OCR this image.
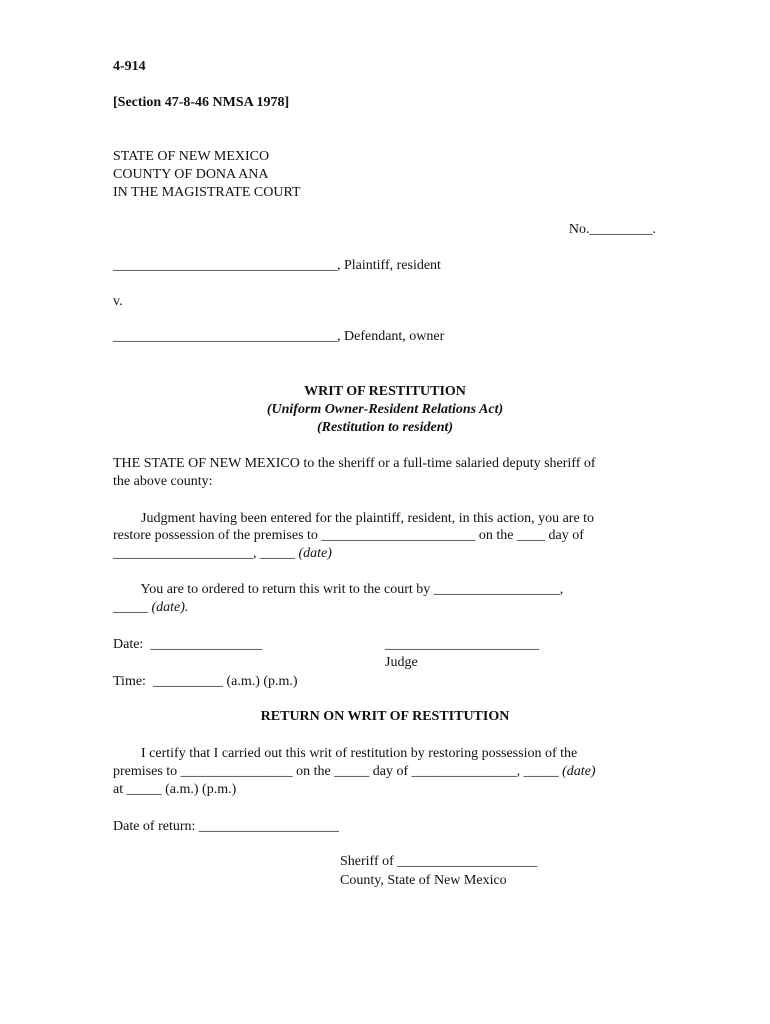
4-914
[Section 47-8-46 NMSA 1978]
STATE OF NEW MEXICO
COUNTY OF DONA ANA
IN THE MAGISTRATE COURT
No._________.
________________________________, Plaintiff, resident
v.
________________________________, Defendant, owner
WRIT OF RESTITUTION
(Uniform Owner-Resident Relations Act)
(Restitution to resident)
THE STATE OF NEW MEXICO to the sheriff or a full-time salaried deputy sheriff of
the above county:
Judgment having been entered for the plaintiff, resident, in this action, you are to
restore possession of the premises to ______________________ on the ____ day of
____________________, _____ (date)
You are to ordered to return this writ to the court by __________________,
_____ (date).
Date:  ________________	______________________
Judge
Time:  __________ (a.m.) (p.m.)
RETURN ON WRIT OF RESTITUTION
I certify that I carried out this writ of restitution by restoring possession of the
premises to ________________ on the _____ day of _______________, _____ (date)
at _____ (a.m.) (p.m.)
Date of return: ____________________
Sheriff of ____________________
County, State of New Mexico
